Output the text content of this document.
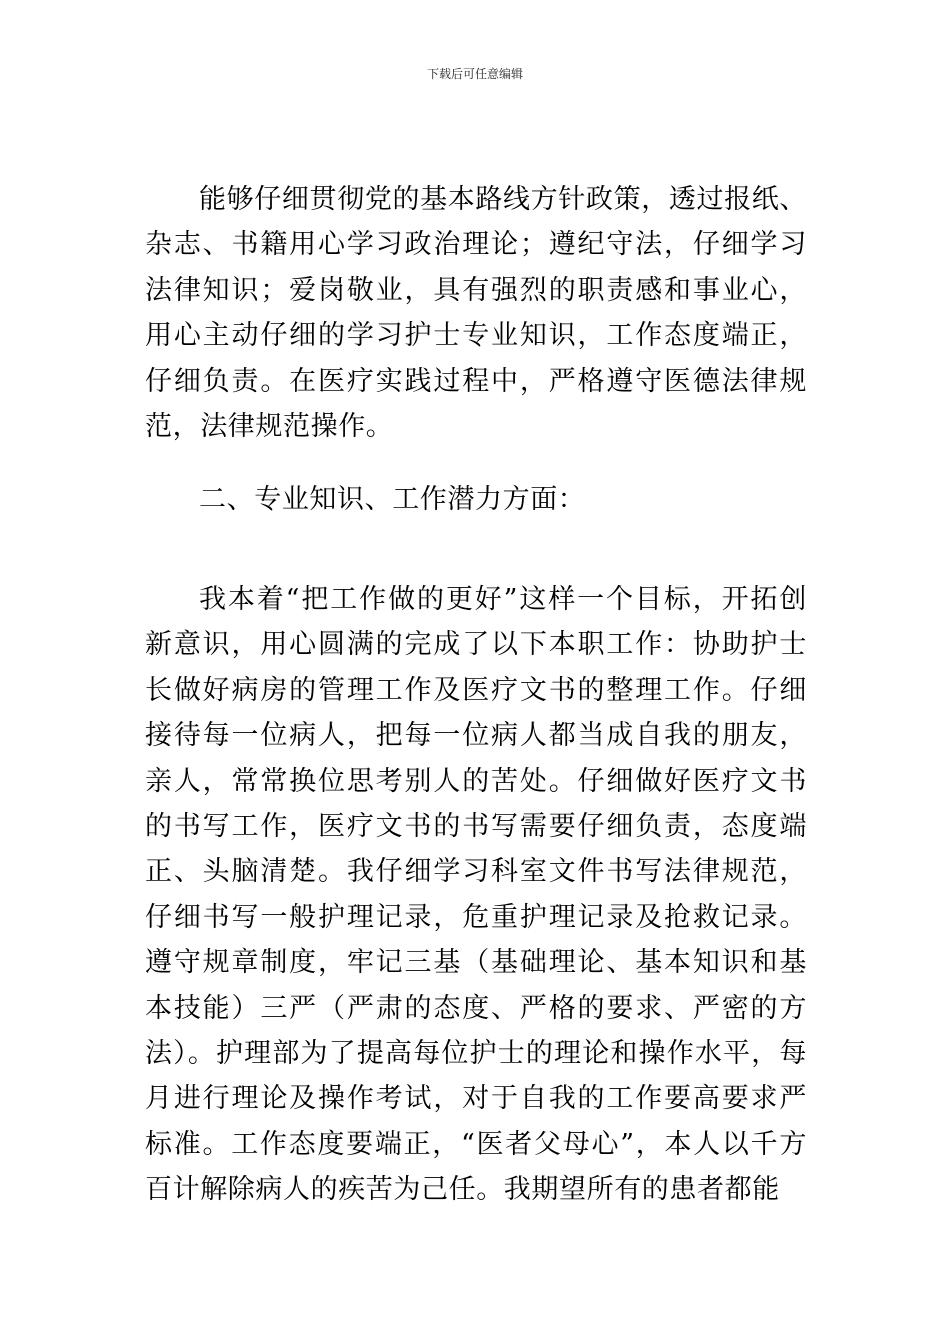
下载后可任意编辑

能够仔细贯彻党的基本路线方针政策，透过报纸、杂志、书籍用心学习政治理论；遵纪守法，仔细学习法律知识；爱岗敬业，具有强烈的职责感和事业心，用心主动仔细的学习护士专业知识，工作态度端正，仔细负责。在医疗实践过程中，严格遵守医德法律规范，法律规范操作。

二、专业知识、工作潜力方面：

我本着“把工作做的更好”这样一个目标，开拓创新意识，用心圆满的完成了以下本职工作：协助护士长做好病房的管理工作及医疗文书的整理工作。仔细接待每一位病人，把每一位病人都当成自我的朋友，亲人，常常换位思考别人的苦处。仔细做好医疗文书的书写工作，医疗文书的书写需要仔细负责，态度端正、头脑清楚。我仔细学习科室文件书写法律规范，仔细书写一般护理记录，危重护理记录及抢救记录。遵守规章制度，牢记三基（基础理论、基本知识和基本技能）三严（严肃的态度、严格的要求、严密的方法）。护理部为了提高每位护士的理论和操作水平，每月进行理论及操作考试，对于自我的工作要高要求严标准。工作态度要端正，“医者父母心”，本人以千方百计解除病人的疾苦为己任。我期望所有的患者都能
